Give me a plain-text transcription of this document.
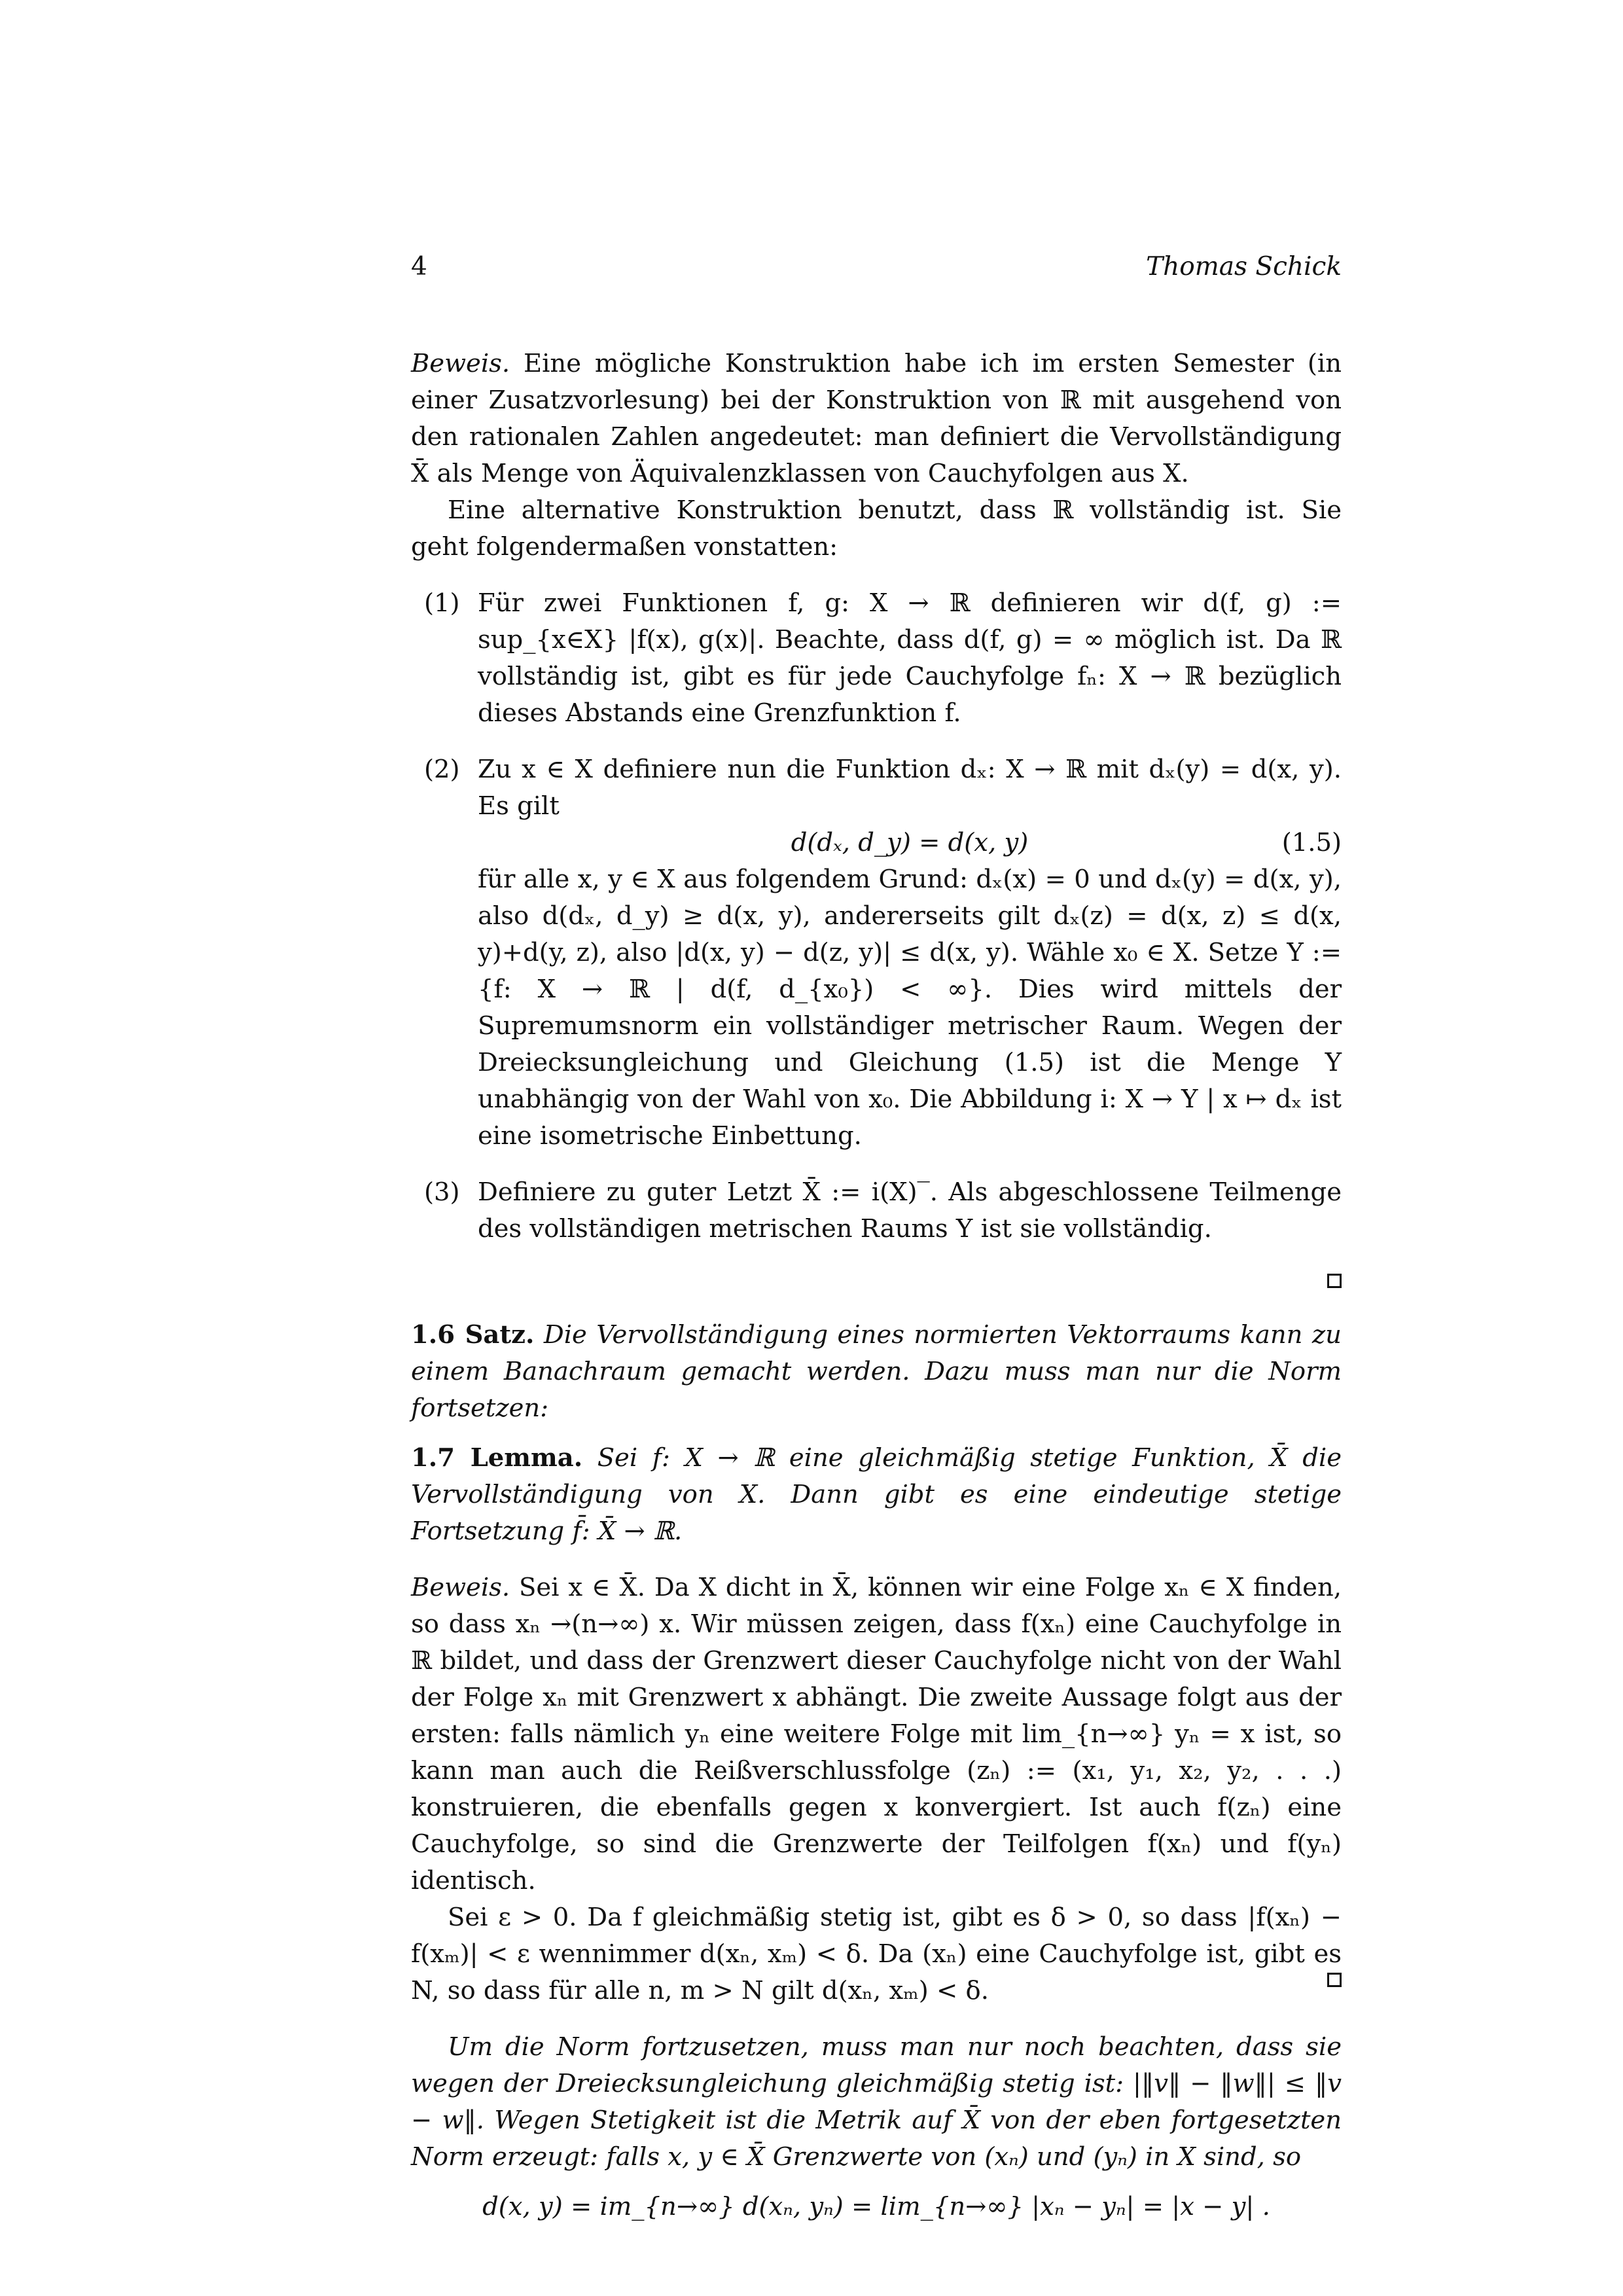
4	Thomas Schick

Beweis. Eine mögliche Konstruktion habe ich im ersten Semester (in einer Zusatzvorlesung) bei der Konstruktion von ℝ mit ausgehend von den rationalen Zahlen angedeutet: man definiert die Vervollständigung X̄ als Menge von Äquivalenzklassen von Cauchyfolgen aus X.

Eine alternative Konstruktion benutzt, dass ℝ vollständig ist. Sie geht folgendermaßen vonstatten:

(1) Für zwei Funktionen f, g: X → ℝ definieren wir d(f, g) := sup_{x∈X} |f(x), g(x)|. Beachte, dass d(f, g) = ∞ möglich ist. Da ℝ vollständig ist, gibt es für jede Cauchyfolge fₙ: X → ℝ bezüglich dieses Abstands eine Grenzfunktion f.

(2) Zu x ∈ X definiere nun die Funktion dₓ: X → ℝ mit dₓ(y) = d(x, y). Es gilt

d(dₓ, d_y) = d(x, y)	(1.5)

für alle x, y ∈ X aus folgendem Grund: dₓ(x) = 0 und dₓ(y) = d(x, y), also d(dₓ, d_y) ≥ d(x, y), andererseits gilt dₓ(z) = d(x, z) ≤ d(x, y)+d(y, z), also |d(x, y) − d(z, y)| ≤ d(x, y). Wähle x₀ ∈ X. Setze Y := {f: X → ℝ | d(f, d_{x₀}) < ∞}. Dies wird mittels der Supremumsnorm ein vollständiger metrischer Raum. Wegen der Dreiecksungleichung und Gleichung (1.5) ist die Menge Y unabhängig von der Wahl von x₀. Die Abbildung i: X → Y | x ↦ dₓ ist eine isometrische Einbettung.

(3) Definiere zu guter Letzt X̄ := i(X)‾. Als abgeschlossene Teilmenge des vollständigen metrischen Raums Y ist sie vollständig.

1.6 Satz. Die Vervollständigung eines normierten Vektorraums kann zu einem Banachraum gemacht werden. Dazu muss man nur die Norm fortsetzen:

1.7 Lemma. Sei f: X → ℝ eine gleichmäßig stetige Funktion, X̄ die Vervollständigung von X. Dann gibt es eine eindeutige stetige Fortsetzung f̄: X̄ → ℝ.

Beweis. Sei x ∈ X̄. Da X dicht in X̄, können wir eine Folge xₙ ∈ X finden, so dass xₙ →(n→∞) x. Wir müssen zeigen, dass f(xₙ) eine Cauchyfolge in ℝ bildet, und dass der Grenzwert dieser Cauchyfolge nicht von der Wahl der Folge xₙ mit Grenzwert x abhängt. Die zweite Aussage folgt aus der ersten: falls nämlich yₙ eine weitere Folge mit lim_{n→∞} yₙ = x ist, so kann man auch die Reißverschlussfolge (zₙ) := (x₁, y₁, x₂, y₂, . . .) konstruieren, die ebenfalls gegen x konvergiert. Ist auch f(zₙ) eine Cauchyfolge, so sind die Grenzwerte der Teilfolgen f(xₙ) und f(yₙ) identisch.

Sei ε > 0. Da f gleichmäßig stetig ist, gibt es δ > 0, so dass |f(xₙ) − f(xₘ)| < ε wennimmer d(xₙ, xₘ) < δ. Da (xₙ) eine Cauchyfolge ist, gibt es N, so dass für alle n, m > N gilt d(xₙ, xₘ) < δ.

Um die Norm fortzusetzen, muss man nur noch beachten, dass sie wegen der Dreiecksungleichung gleichmäßig stetig ist: |‖v‖ − ‖w‖| ≤ ‖v − w‖. Wegen Stetigkeit ist die Metrik auf X̄ von der eben fortgesetzten Norm erzeugt: falls x, y ∈ X̄ Grenzwerte von (xₙ) und (yₙ) in X sind, so

d(x, y) = im_{n→∞} d(xₙ, yₙ) = lim_{n→∞} |xₙ − yₙ| = |x − y| .
